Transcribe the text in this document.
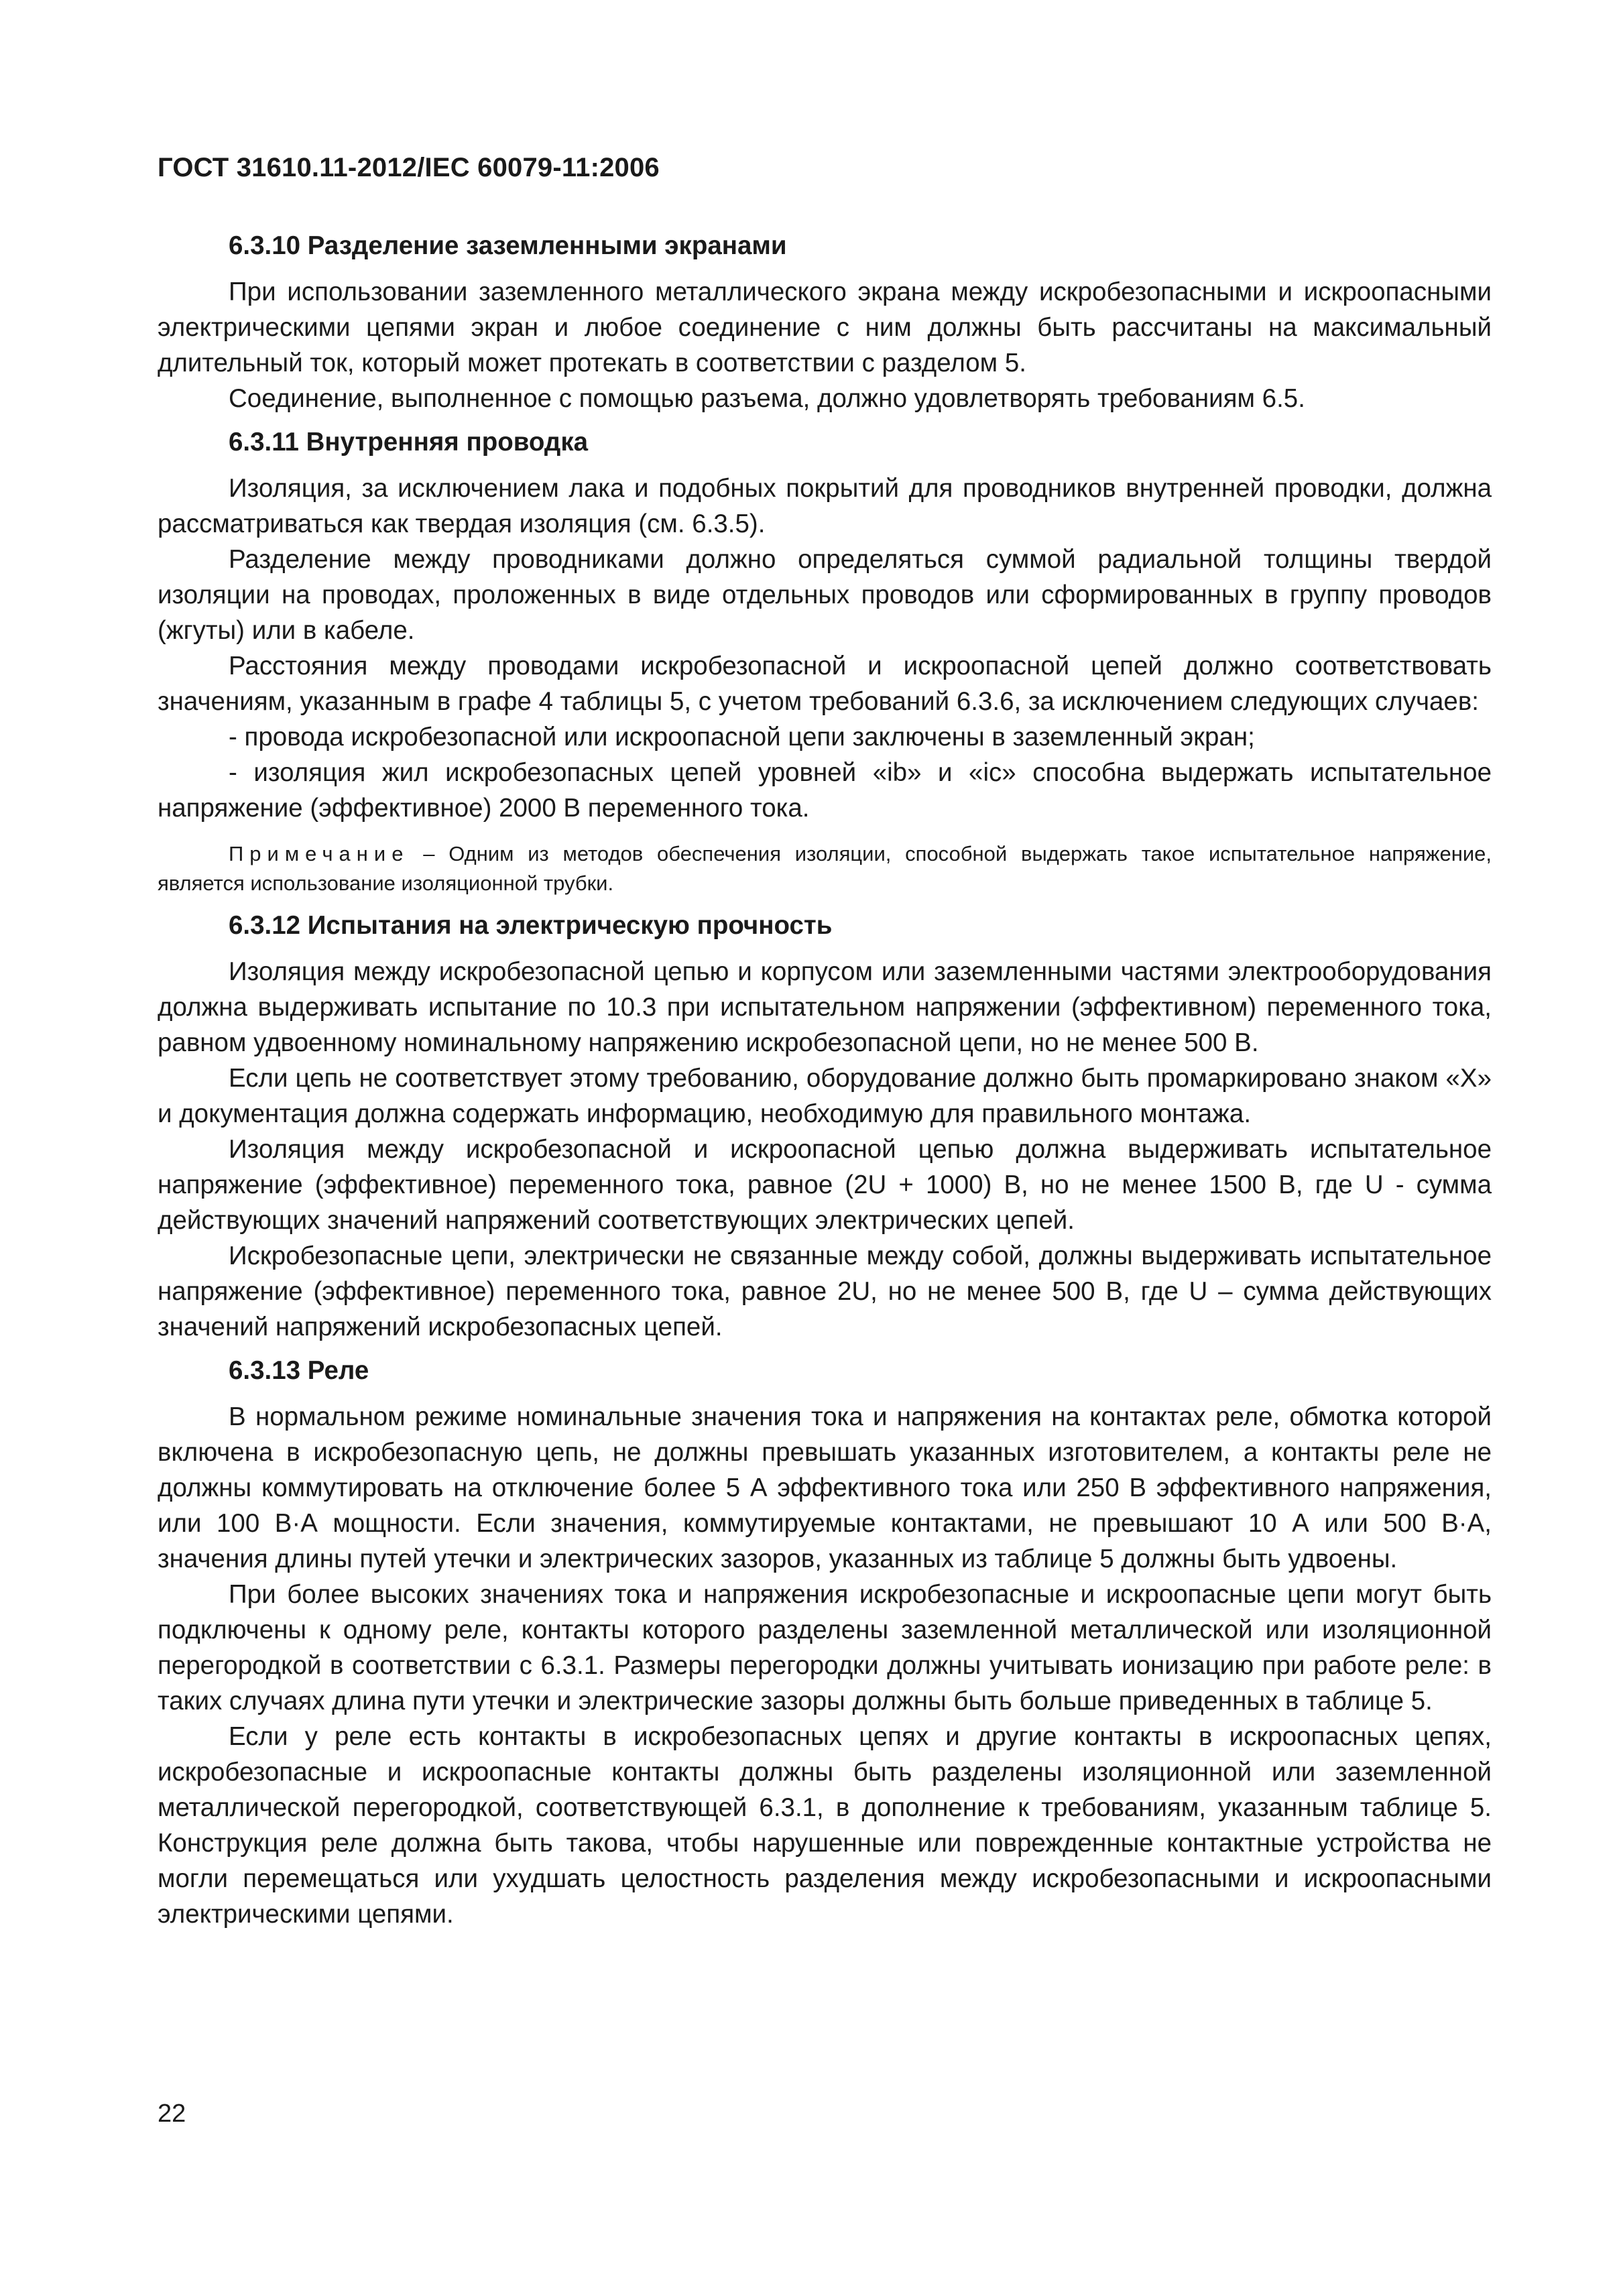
ГОСТ 31610.11-2012/IEC 60079-11:2006

6.3.10 Разделение заземленными экранами

При использовании заземленного металлического экрана между искробезопасными и искроопасными электрическими цепями экран и любое соединение с ним должны быть рассчитаны на максимальный длительный ток, который может протекать в соответствии с разделом 5.

Соединение, выполненное с помощью разъема, должно удовлетворять требованиям 6.5.

6.3.11 Внутренняя проводка

Изоляция, за исключением лака и подобных покрытий для проводников внутренней проводки, должна рассматриваться как твердая изоляция (см. 6.3.5).

Разделение между проводниками должно определяться суммой радиальной толщины твердой изоляции на проводах, проложенных в виде отдельных проводов или сформированных в группу проводов (жгуты) или в кабеле.

Расстояния между проводами искробезопасной и искроопасной цепей должно соответствовать значениям, указанным в графе 4 таблицы 5, с учетом требований 6.3.6, за исключением следующих случаев:

- провода искробезопасной или искроопасной цепи заключены в заземленный экран;

- изоляция жил искробезопасных цепей уровней «ib» и «ic» способна выдержать испытательное напряжение (эффективное) 2000 В переменного тока.

Примечание – Одним из методов обеспечения изоляции, способной выдержать такое испытательное напряжение, является использование изоляционной трубки.

6.3.12 Испытания на электрическую прочность

Изоляция между искробезопасной цепью и корпусом или заземленными частями электрооборудования должна выдерживать испытание по 10.3 при испытательном напряжении (эффективном) переменного тока, равном удвоенному номинальному напряжению искробезопасной цепи, но не менее 500 В.

Если цепь не соответствует этому требованию, оборудование должно быть промаркировано знаком «X» и документация должна содержать информацию, необходимую для правильного монтажа.

Изоляция между искробезопасной и искроопасной цепью должна выдерживать испытательное напряжение (эффективное) переменного тока, равное (2U + 1000) В, но не менее 1500 В, где U - сумма действующих значений напряжений соответствующих электрических цепей.

Искробезопасные цепи, электрически не связанные между собой, должны выдерживать испытательное напряжение (эффективное) переменного тока, равное 2U, но не менее 500 В, где U – сумма действующих значений напряжений искробезопасных цепей.

6.3.13 Реле

В нормальном режиме номинальные значения тока и напряжения на контактах реле, обмотка которой включена в искробезопасную цепь, не должны превышать указанных изготовителем, а контакты реле не должны коммутировать на отключение более 5 А эффективного тока или 250 В эффективного напряжения, или 100 В·А мощности. Если значения, коммутируемые контактами, не превышают 10 А или 500 В·А, значения длины путей утечки и электрических зазоров, указанных из таблице 5 должны быть удвоены.

При более высоких значениях тока и напряжения искробезопасные и искроопасные цепи могут быть подключены к одному реле, контакты которого разделены заземленной металлической или изоляционной перегородкой в соответствии с 6.3.1. Размеры перегородки должны учитывать ионизацию при работе реле: в таких случаях длина пути утечки и электрические зазоры должны быть больше приведенных в таблице 5.

Если у реле есть контакты в искробезопасных цепях и другие контакты в искроопасных цепях, искробезопасные и искроопасные контакты должны быть разделены изоляционной или заземленной металлической перегородкой, соответствующей 6.3.1, в дополнение к требованиям, указанным таблице 5. Конструкция реле должна быть такова, чтобы нарушенные или поврежденные контактные устройства не могли перемещаться или ухудшать целостность разделения между искробезопасными и искроопасными электрическими цепями.

22
